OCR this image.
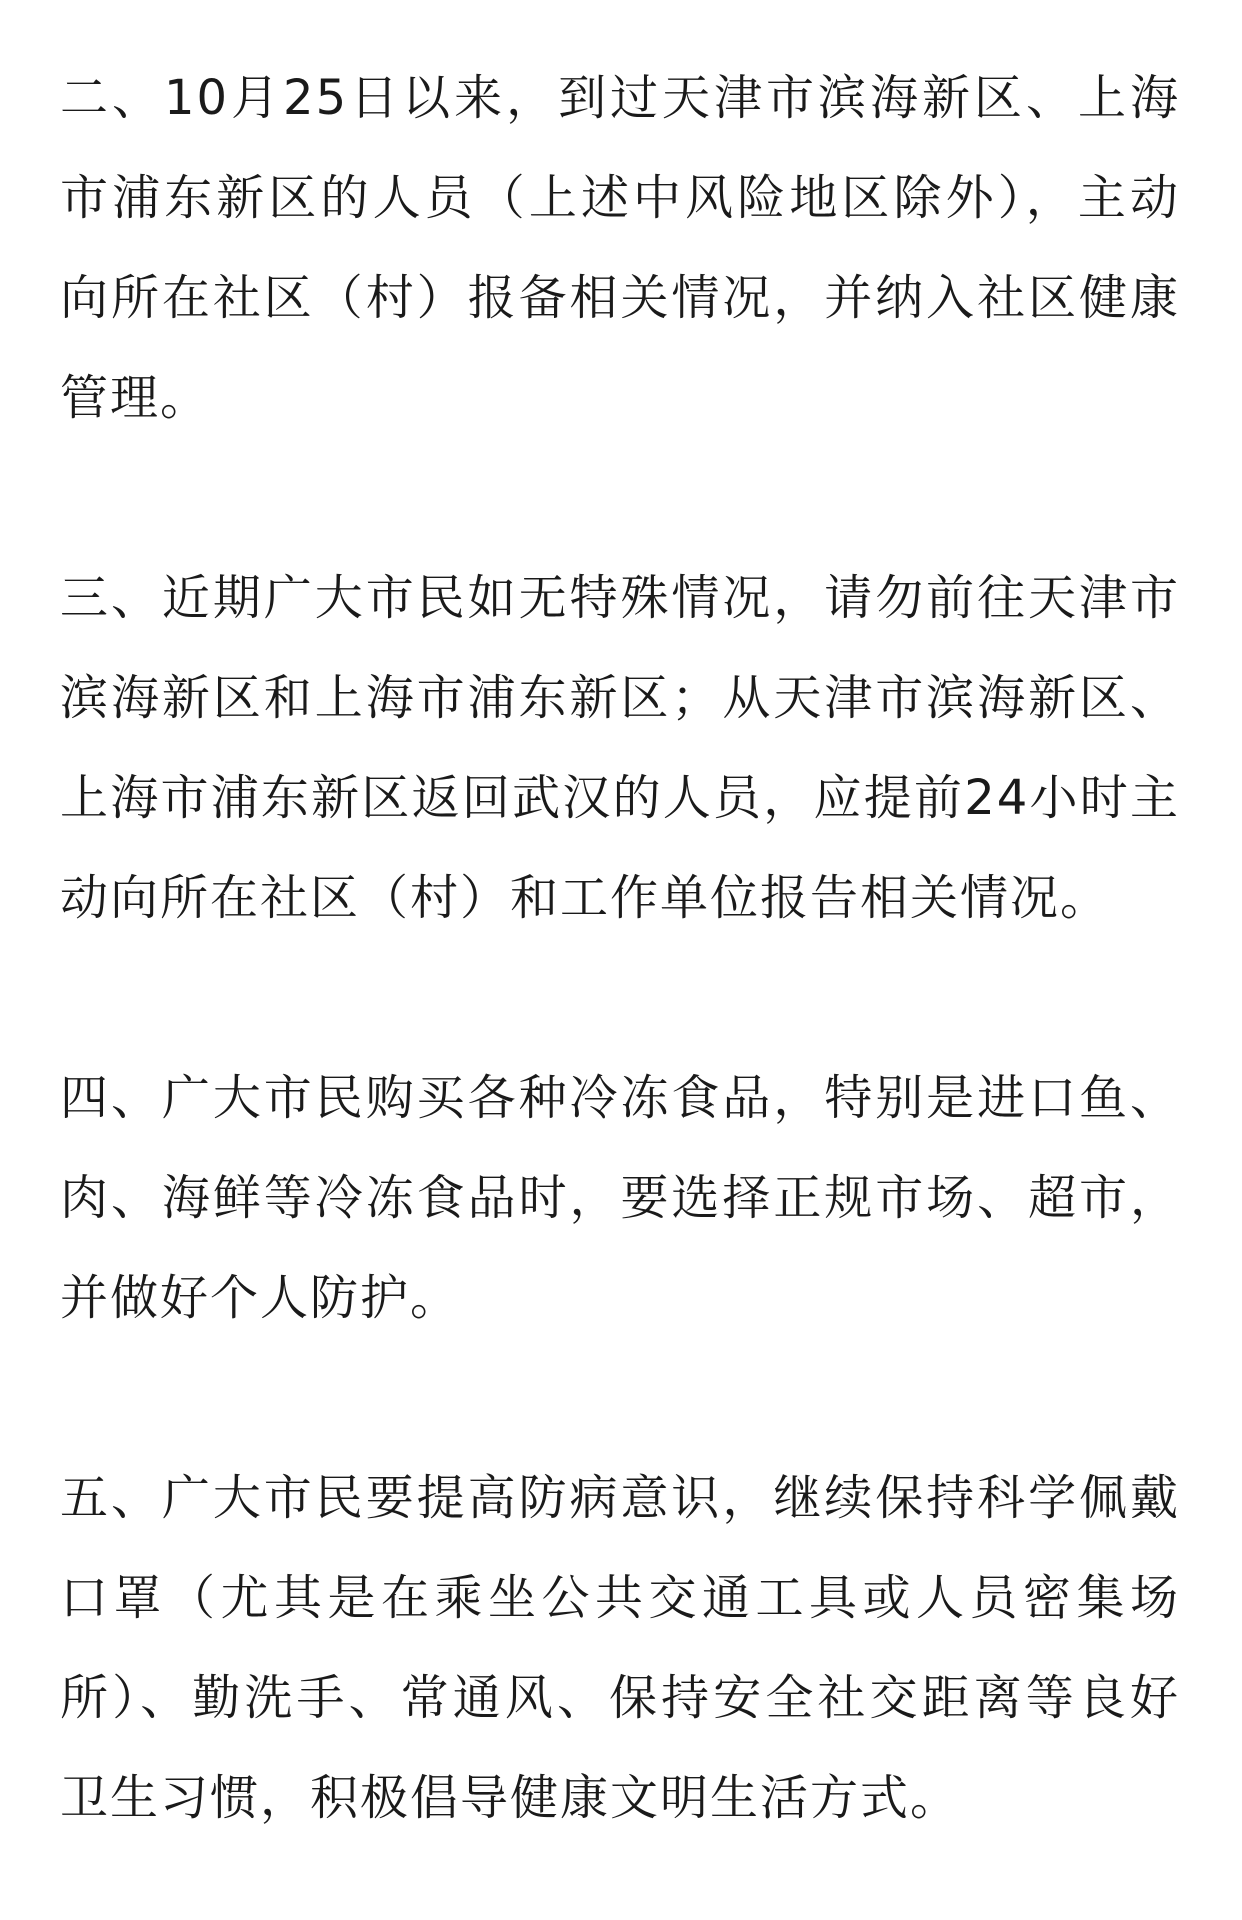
二、10月25日以来，到过天津市滨海新区、上海市浦东新区的人员（上述中风险地区除外），主动向所在社区（村）报备相关情况，并纳入社区健康管理。

三、近期广大市民如无特殊情况，请勿前往天津市滨海新区和上海市浦东新区；从天津市滨海新区、上海市浦东新区返回武汉的人员，应提前24小时主动向所在社区（村）和工作单位报告相关情况。

四、广大市民购买各种冷冻食品，特别是进口鱼、肉、海鲜等冷冻食品时，要选择正规市场、超市，并做好个人防护。

五、广大市民要提高防病意识，继续保持科学佩戴口罩（尤其是在乘坐公共交通工具或人员密集场所）、勤洗手、常通风、保持安全社交距离等良好卫生习惯，积极倡导健康文明生活方式。
